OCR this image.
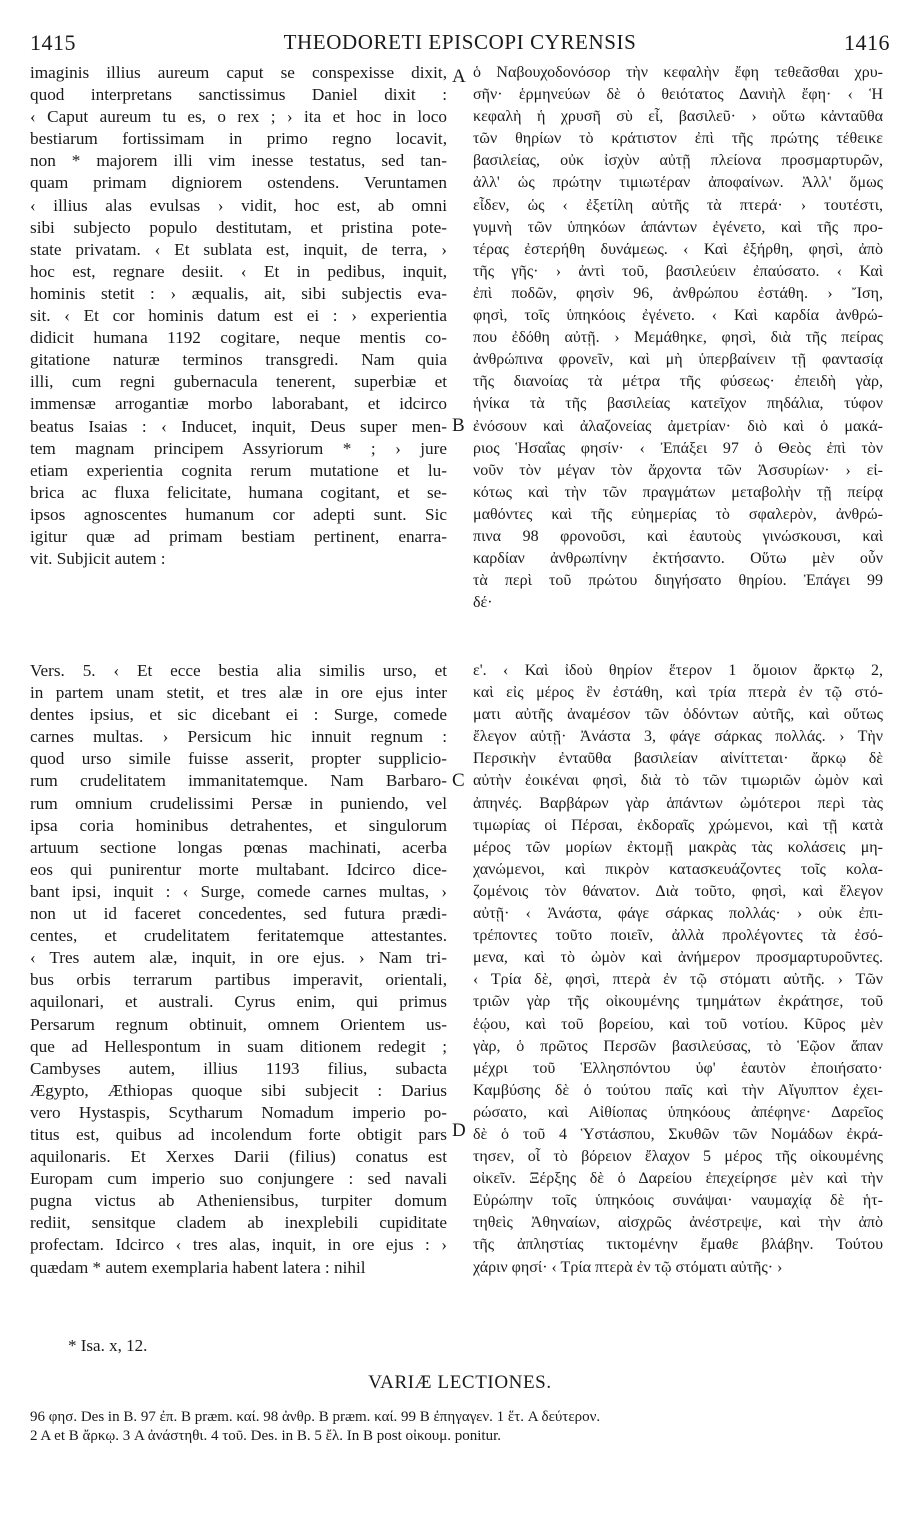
1415	THEODORETI EPISCOPI CYRENSIS	1416

imaginis illius aureum caput se conspexisse dixit,

quod interpretans sanctissimus Daniel dixit :

‹ Caput aureum tu es, o rex ; › ita et hoc in loco

bestiarum fortissimam in primo regno locavit,

non * majorem illi vim inesse testatus, sed tan-

quam primam digniorem ostendens. Veruntamen

‹ illius alas evulsas › vidit, hoc est, ab omni

sibi subjecto populo destitutam, et pristina pote-

state privatam. ‹ Et sublata est, inquit, de terra, ›

hoc est, regnare desiit. ‹ Et in pedibus, inquit,

hominis stetit : › æqualis, ait, sibi subjectis eva-

sit. ‹ Et cor hominis datum est ei : › experientia

didicit humana 1192 cogitare, neque mentis co-

gitatione naturæ terminos transgredi. Nam quia

illi, cum regni gubernacula tenerent, superbiæ et

immensæ arrogantiæ morbo laborabant, et idcirco

beatus Isaias : ‹ Inducet, inquit, Deus super men-

tem magnam principem Assyriorum * ; › jure

etiam experientia cognita rerum mutatione et lu-

brica ac fluxa felicitate, humana cogitant, et se-

ipsos agnoscentes humanum cor adepti sunt. Sic

igitur quæ ad primam bestiam pertinent, enarra-

vit. Subjicit autem :

Vers. 5. ‹ Et ecce bestia alia similis urso, et

in partem unam stetit, et tres alæ in ore ejus inter

dentes ipsius, et sic dicebant ei : Surge, comede

carnes multas. › Persicum hic innuit regnum :

quod urso simile fuisse asserit, propter supplicio-

rum crudelitatem immanitatemque. Nam Barbaro-

rum omnium crudelissimi Persæ in puniendo, vel

ipsa coria hominibus detrahentes, et singulorum

artuum sectione longas pœnas machinati, acerba

eos qui punirentur morte multabant. Idcirco dice-

bant ipsi, inquit : ‹ Surge, comede carnes multas, ›

non ut id faceret concedentes, sed futura prædi-

centes, et crudelitatem feritatemque attestantes.

‹ Tres autem alæ, inquit, in ore ejus. › Nam tri-

bus orbis terrarum partibus imperavit, orientali,

aquilonari, et australi. Cyrus enim, qui primus

Persarum regnum obtinuit, omnem Orientem us-

que ad Hellespontum in suam ditionem redegit ;

Cambyses autem, illius 1193 filius, subacta

Ægypto, Æthiopas quoque sibi subjecit : Darius

vero Hystaspis, Scytharum Nomadum imperio po-

titus est, quibus ad incolendum forte obtigit pars

aquilonaris. Et Xerxes Darii (filius) conatus est

Europam cum imperio suo conjungere : sed navali

pugna victus ab Atheniensibus, turpiter domum

rediit, sensitque cladem ab inexplebili cupiditate

profectam. Idcirco ‹ tres alas, inquit, in ore ejus : ›

quædam * autem exemplaria habent latera : nihil

ὁ Ναβουχοδονόσορ τὴν κεφαλὴν ἔφη τεθεᾶσθαι χρυ-

σῆν· ἑρμηνεύων δὲ ὁ θειότατος Δανιὴλ ἔφη· ‹ Ἡ

κεφαλὴ ἡ χρυσῆ σὺ εἶ, βασιλεῦ· › οὕτω κἀνταῦθα

τῶν θηρίων τὸ κράτιστον ἐπὶ τῆς πρώτης τέθεικε

βασιλείας, οὐκ ἰσχὺν αὐτῇ πλείονα προσμαρτυρῶν,

ἀλλ' ὡς πρώτην τιμιωτέραν ἀποφαίνων. Ἀλλ' ὅμως

εἶδεν, ὡς ‹ ἐξετίλη αὐτῆς τὰ πτερά· › τουτέστι,

γυμνὴ τῶν ὑπηκόων ἁπάντων ἐγένετο, καὶ τῆς προ-

τέρας ἐστερήθη δυνάμεως. ‹ Καὶ ἐξήρθη, φησὶ, ἀπὸ

τῆς γῆς· › ἀντὶ τοῦ, βασιλεύειν ἐπαύσατο. ‹ Καὶ

ἐπὶ ποδῶν, φησὶν 96, ἀνθρώπου ἐστάθη. › Ἴση,

φησὶ, τοῖς ὑπηκόοις ἐγένετο. ‹ Καὶ καρδία ἀνθρώ-

που ἐδόθη αὐτῇ. › Μεμάθηκε, φησὶ, διὰ τῆς πείρας

ἀνθρώπινα φρονεῖν, καὶ μὴ ὑπερβαίνειν τῇ φαντασίᾳ

τῆς διανοίας τὰ μέτρα τῆς φύσεως· ἐπειδὴ γὰρ,

ἡνίκα τὰ τῆς βασιλείας κατεῖχον πηδάλια, τύφον

ἐνόσουν καὶ ἀλαζονείας ἀμετρίαν· διὸ καὶ ὁ μακά-

ριος Ἡσαΐας φησίν· ‹ Ἐπάξει 97 ὁ Θεὸς ἐπὶ τὸν

νοῦν τὸν μέγαν τὸν ἄρχοντα τῶν Ἀσσυρίων· › εἰ-

κότως καὶ τὴν τῶν πραγμάτων μεταβολὴν τῇ πείρᾳ

μαθόντες καὶ τῆς εὐημερίας τὸ σφαλερὸν, ἀνθρώ-

πινα 98 φρονοῦσι, καὶ ἑαυτοὺς γινώσκουσι, καὶ

καρδίαν ἀνθρωπίνην ἐκτήσαντο. Οὕτω μὲν οὖν

τὰ περὶ τοῦ πρώτου διηγήσατο θηρίου. Ἐπάγει 99

δέ·

ε'. ‹ Καὶ ἰδοὺ θηρίον ἕτερον 1 ὅμοιον ἄρκτῳ 2,

καὶ εἰς μέρος ἓν ἐστάθη, καὶ τρία πτερὰ ἐν τῷ στό-

ματι αὐτῆς ἀναμέσον τῶν ὀδόντων αὐτῆς, καὶ οὕτως

ἔλεγον αὐτῇ· Ἀνάστα 3, φάγε σάρκας πολλάς. › Τὴν

Περσικὴν ἐνταῦθα βασιλείαν αἰνίττεται· ἄρκῳ δὲ

αὐτὴν ἐοικέναι φησὶ, διὰ τὸ τῶν τιμωριῶν ὠμὸν καὶ

ἀπηνές. Βαρβάρων γὰρ ἁπάντων ὠμότεροι περὶ τὰς

τιμωρίας οἱ Πέρσαι, ἐκδοραῖς χρώμενοι, καὶ τῇ κατὰ

μέρος τῶν μορίων ἐκτομῇ μακρὰς τὰς κολάσεις μη-

χανώμενοι, καὶ πικρὸν κατασκευάζοντες τοῖς κολα-

ζομένοις τὸν θάνατον. Διὰ τοῦτο, φησὶ, καὶ ἔλεγον

αὐτῇ· ‹ Ἀνάστα, φάγε σάρκας πολλάς· › οὐκ ἐπι-

τρέποντες τοῦτο ποιεῖν, ἀλλὰ προλέγοντες τὰ ἐσό-

μενα, καὶ τὸ ὠμὸν καὶ ἀνήμερον προσμαρτυροῦντες.

‹ Τρία δὲ, φησὶ, πτερὰ ἐν τῷ στόματι αὐτῆς. › Τῶν

τριῶν γὰρ τῆς οἰκουμένης τμημάτων ἐκράτησε, τοῦ

ἑῴου, καὶ τοῦ βορείου, καὶ τοῦ νοτίου. Κῦρος μὲν

γὰρ, ὁ πρῶτος Περσῶν βασιλεύσας, τὸ Ἑῷον ἅπαν

μέχρι τοῦ Ἑλλησπόντου ὑφ' ἑαυτὸν ἐποιήσατο·

Καμβύσης δὲ ὁ τούτου παῖς καὶ τὴν Αἴγυπτον ἐχει-

ρώσατο, καὶ Αἰθίοπας ὑπηκόους ἀπέφηνε· Δαρεῖος

δὲ ὁ τοῦ 4 Ὑστάσπου, Σκυθῶν τῶν Νομάδων ἐκρά-

τησεν, οἷ τὸ βόρειον ἔλαχον 5 μέρος τῆς οἰκουμένης

οἰκεῖν. Ξέρξης δὲ ὁ Δαρείου ἐπεχείρησε μὲν καὶ τὴν

Εὐρώπην τοῖς ὑπηκόοις συνάψαι· ναυμαχίᾳ δὲ ἡτ-

τηθεὶς Ἀθηναίων, αἰσχρῶς ἀνέστρεψε, καὶ τὴν ἀπὸ

τῆς ἀπληστίας τικτομένην ἔμαθε βλάβην. Τούτου

χάριν φησί· ‹ Τρία πτερὰ ἐν τῷ στόματι αὐτῆς· ›

A
B
C
D
* Isa. x, 12.
VARIÆ LECTIONES.
96 φησ. Des in B. 97 ἐπ. B præm. καί. 98 ἀνθρ. B præm. καί. 99 B ἐπηγαγεν. 1 ἕτ. A δεύτερον.
2 A et B ἄρκῳ. 3 A ἀνάστηθι. 4 τοῦ. Des. in B. 5 ἔλ. In B post οἰκουμ. ponitur.
